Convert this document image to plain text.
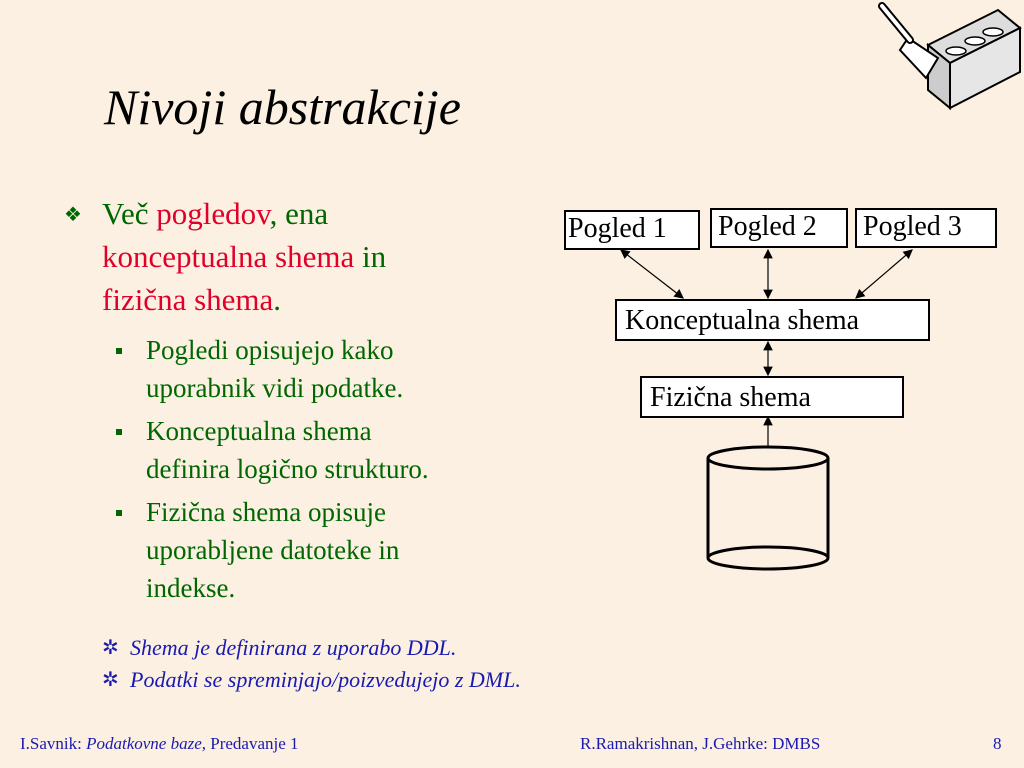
Nivoji abstrakcije
❖ Več pogledov, ena
konceptualna shema in
fizična shema.
Pogledi opisujejo kako
uporabnik vidi podatke.
Konceptualna shema
definira logično strukturo.
Fizična shema opisuje
uporabljene datoteke in
indekse.
✲ Shema je definirana z uporabo DDL.
✲ Podatki se spreminjajo/poizvedujejo z DML.
Pogled 1	Pogled 2	Pogled 3
Konceptualna shema
Fizična shema
I.Savnik: Podatkovne baze, Predavanje 1	R.Ramakrishnan, J.Gehrke: DMBS	8
